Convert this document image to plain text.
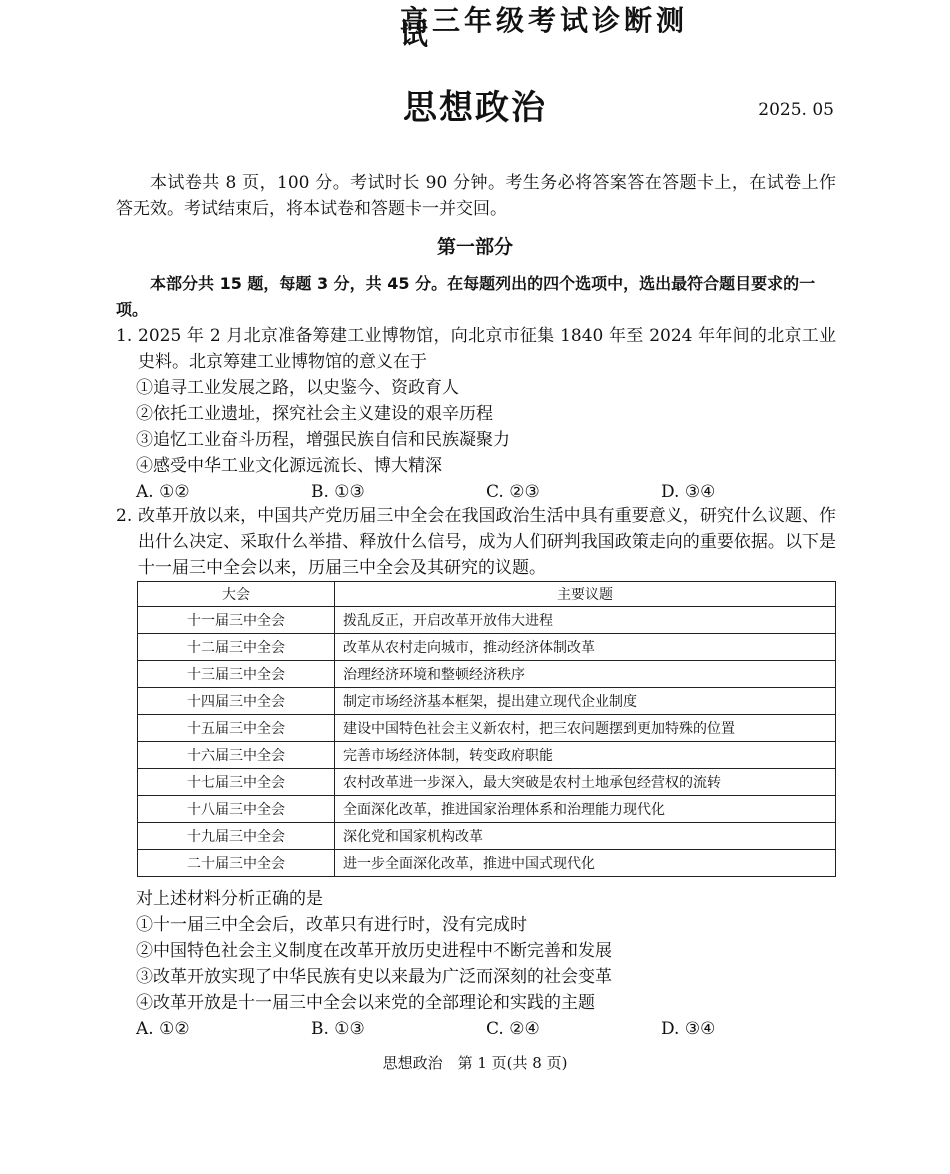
高三年级考试诊断测试
思想政治	2025. 05
本试卷共 8 页，100 分。考试时长 90 分钟。考生务必将答案答在答题卡上，在试卷上作答无效。考试结束后，将本试卷和答题卡一并交回。
第一部分
本部分共 15 题，每题 3 分，共 45 分。在每题列出的四个选项中，选出最符合题目要求的一项。
1. 2025 年 2 月北京准备筹建工业博物馆，向北京市征集 1840 年至 2024 年年间的北京工业史料。北京筹建工业博物馆的意义在于
①追寻工业发展之路，以史鉴今、资政育人
②依托工业遗址，探究社会主义建设的艰辛历程
③追忆工业奋斗历程，增强民族自信和民族凝聚力
④感受中华工业文化源远流长、博大精深
A. ①②	B. ①③	C. ②③	D. ③④
2. 改革开放以来，中国共产党历届三中全会在我国政治生活中具有重要意义，研究什么议题、作出什么决定、采取什么举措、释放什么信号，成为人们研判我国政策走向的重要依据。以下是十一届三中全会以来，历届三中全会及其研究的议题。
大会	主要议题
十一届三中全会	拨乱反正，开启改革开放伟大进程
十二届三中全会	改革从农村走向城市，推动经济体制改革
十三届三中全会	治理经济环境和整顿经济秩序
十四届三中全会	制定市场经济基本框架，提出建立现代企业制度
十五届三中全会	建设中国特色社会主义新农村，把三农问题摆到更加特殊的位置
十六届三中全会	完善市场经济体制，转变政府职能
十七届三中全会	农村改革进一步深入，最大突破是农村土地承包经营权的流转
十八届三中全会	全面深化改革，推进国家治理体系和治理能力现代化
十九届三中全会	深化党和国家机构改革
二十届三中全会	进一步全面深化改革，推进中国式现代化
对上述材料分析正确的是
①十一届三中全会后，改革只有进行时，没有完成时
②中国特色社会主义制度在改革开放历史进程中不断完善和发展
③改革开放实现了中华民族有史以来最为广泛而深刻的社会变革
④改革开放是十一届三中全会以来党的全部理论和实践的主题
A. ①②	B. ①③	C. ②④	D. ③④
思想政治　第 1 页(共 8 页)
